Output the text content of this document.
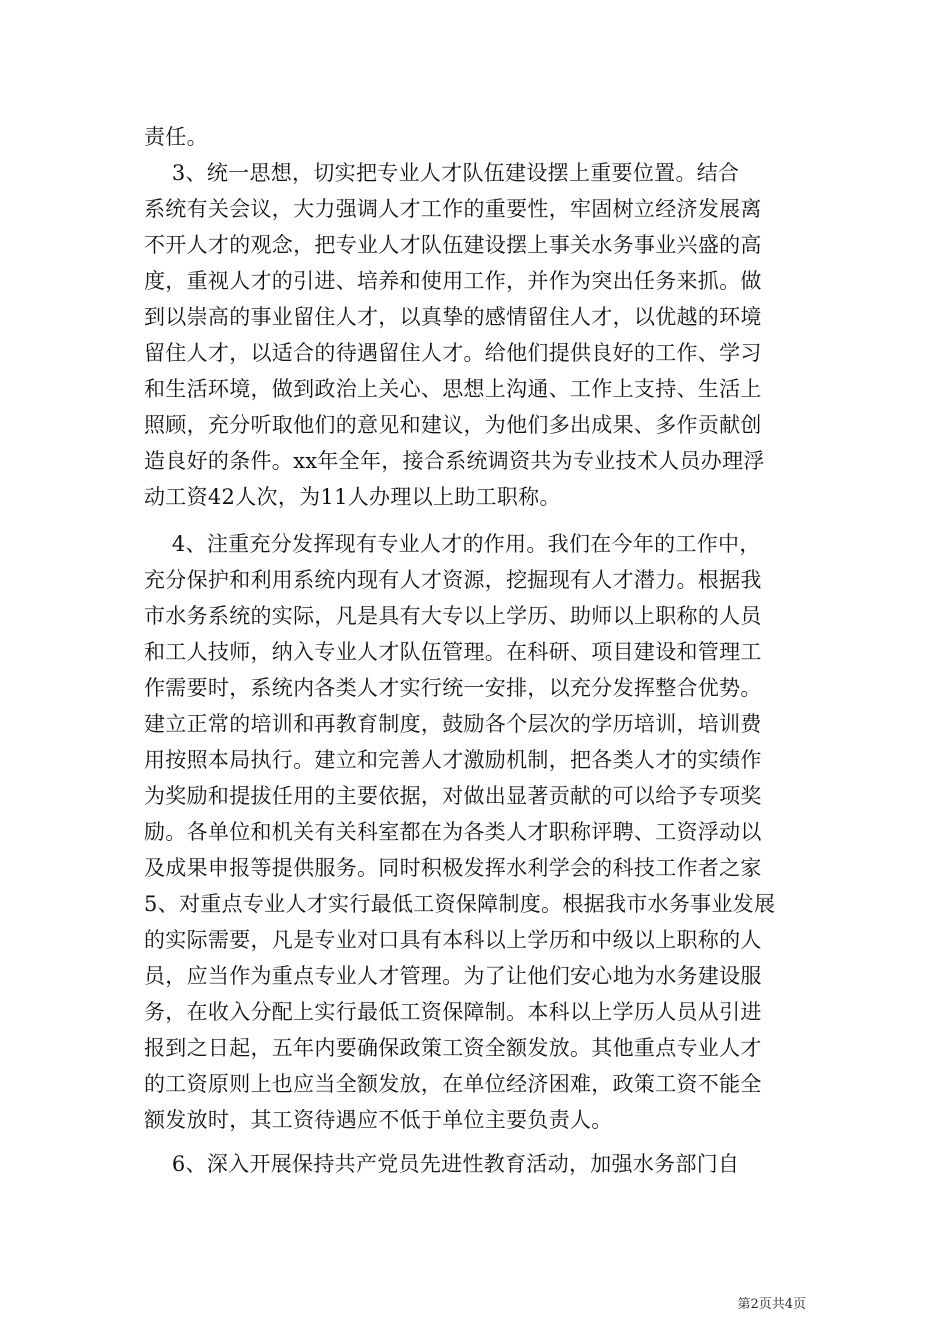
责任。
3、统一思想，切实把专业人才队伍建设摆上重要位置。结合
系统有关会议，大力强调人才工作的重要性，牢固树立经济发展离
不开人才的观念，把专业人才队伍建设摆上事关水务事业兴盛的高
度，重视人才的引进、培养和使用工作，并作为突出任务来抓。做
到以崇高的事业留住人才，以真挚的感情留住人才，以优越的环境
留住人才，以适合的待遇留住人才。给他们提供良好的工作、学习
和生活环境，做到政治上关心、思想上沟通、工作上支持、生活上
照顾，充分听取他们的意见和建议，为他们多出成果、多作贡献创
造良好的条件。xx年全年，接合系统调资共为专业技术人员办理浮
动工资42人次，为11人办理以上助工职称。
4、注重充分发挥现有专业人才的作用。我们在今年的工作中，
充分保护和利用系统内现有人才资源，挖掘现有人才潜力。根据我
市水务系统的实际，凡是具有大专以上学历、助师以上职称的人员
和工人技师，纳入专业人才队伍管理。在科研、项目建设和管理工
作需要时，系统内各类人才实行统一安排，以充分发挥整合优势。
建立正常的培训和再教育制度，鼓励各个层次的学历培训，培训费
用按照本局执行。建立和完善人才激励机制，把各类人才的实绩作
为奖励和提拔任用的主要依据，对做出显著贡献的可以给予专项奖
励。各单位和机关有关科室都在为各类人才职称评聘、工资浮动以
及成果申报等提供服务。同时积极发挥水利学会的科技工作者之家
5、对重点专业人才实行最低工资保障制度。根据我市水务事业发展
的实际需要，凡是专业对口具有本科以上学历和中级以上职称的人
员，应当作为重点专业人才管理。为了让他们安心地为水务建设服
务，在收入分配上实行最低工资保障制。本科以上学历人员从引进
报到之日起，五年内要确保政策工资全额发放。其他重点专业人才
的工资原则上也应当全额发放，在单位经济困难，政策工资不能全
额发放时，其工资待遇应不低于单位主要负责人。
6、深入开展保持共产党员先进性教育活动，加强水务部门自
第2页共4页
